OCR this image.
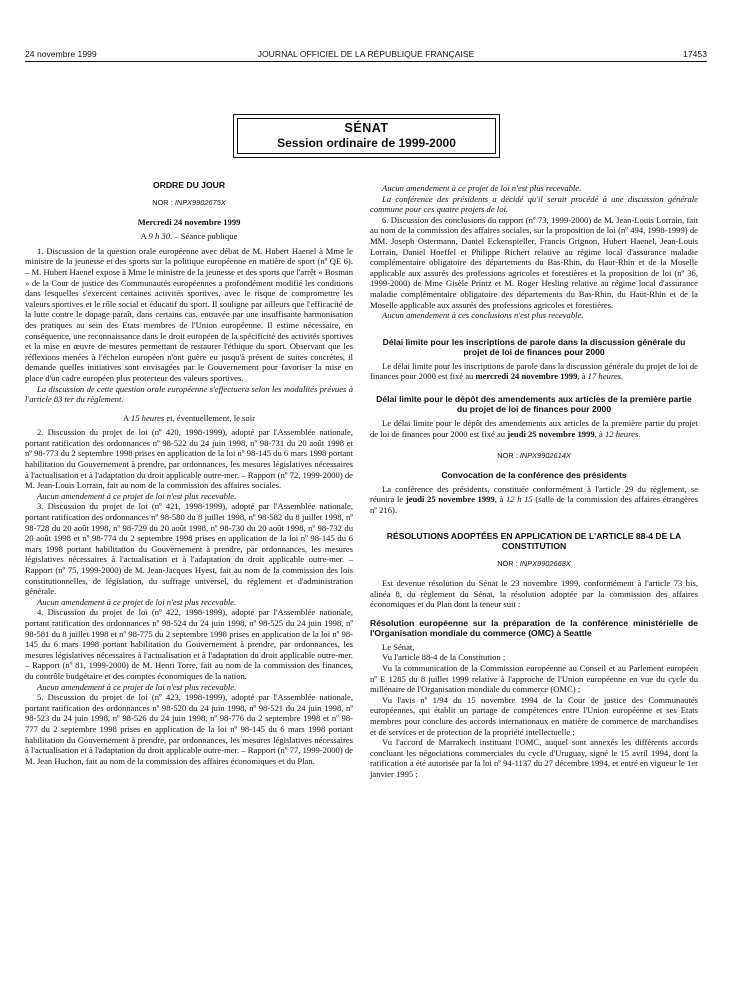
24 novembre 1999	JOURNAL OFFICIEL DE LA RÉPUBLIQUE FRANÇAISE	17453
SÉNAT
Session ordinaire de 1999-2000

ORDRE DU JOUR

NOR : INPX9902675X

Mercredi 24 novembre 1999

A 9 h 30. – Séance publique

1. Discussion de la question orale européenne avec débat de M. Hubert Haenel à Mme le ministre de la jeunesse et des sports sur la politique européenne en matière de sport (nº QE 6). – M. Hubert Haenel expose à Mme le ministre de la jeunesse et des sports que l'arrêt « Bosman » de la Cour de justice des Communautés européennes a profondément modifié les conditions dans lesquelles s'exercent certaines activités sportives, avec le risque de compromettre les valeurs sportives et le rôle social et éducatif du sport. Il souligne par ailleurs que l'efficacité de la lutte contre le dopage paraît, dans certains cas, entravée par une insuffisante harmonisation des pratiques au sein des Etats membres de l'Union européenne. Il estime nécessaire, en conséquence, une reconnaissance dans le droit européen de la spécificité des activités sportives et la mise en œuvre de mesures permettant de restaurer l'éthique du sport. Observant que les réflexions menées à l'échelon européen n'ont guère eu jusqu'à présent de suites concrètes, il demande quelles initiatives sont envisagées par le Gouvernement pour favoriser la mise en place d'un cadre européen plus protecteur des valeurs sportives.

La discussion de cette question orale européenne s'effectuera selon les modalités prévues à l'article 83 ter du règlement.

A 15 heures et, éventuellement, le soir

2. Discussion du projet de loi (nº 420, 1998-1999), adopté par l'Assemblée nationale, portant ratification des ordonnances nº 98-522 du 24 juin 1998, nº 98-731 du 20 août 1998 et nº 98-773 du 2 septembre 1998 prises en application de la loi nº 98-145 du 6 mars 1998 portant habilitation du Gouvernement à prendre, par ordonnances, les mesures législatives nécessaires à l'actualisation et à l'adaptation du droit applicable outre-mer. – Rapport (nº 72, 1999-2000) de M. Jean-Louis Lorrain, fait au nom de la commission des affaires sociales.

Aucun amendement à ce projet de loi n'est plus recevable.

3. Discussion du projet de loi (nº 421, 1998-1999), adopté par l'Assemblée nationale, portant ratification des ordonnances nº 98-580 du 8 juillet 1998, nº 98-582 du 8 juillet 1998, nº 98-728 du 20 août 1998, nº 98-729 du 20 août 1998, nº 98-730 du 20 août 1998, nº 98-732 du 20 août 1998 et nº 98-774 du 2 septembre 1998 prises en application de la loi nº 98-145 du 6 mars 1998 portant habilitation du Gouvernement à prendre, par ordonnances, les mesures législatives nécessaires à l'actualisation et à l'adaptation du droit applicable outre-mer. – Rapport (nº 75, 1999-2000) de M. Jean-Jacques Hyest, fait au nom de la commission des lois constitutionnelles, de législation, du suffrage universel, du règlement et d'administration générale.

Aucun amendement à ce projet de loi n'est plus recevable.

4. Discussion du projet de loi (nº 422, 1998-1999), adopté par l'Assemblée nationale, portant ratification des ordonnances nº 98-524 du 24 juin 1998, nº 98-525 du 24 juin 1998, nº 98-581 du 8 juillet 1998 et nº 98-775 du 2 septembre 1998 prises en application de la loi nº 98-145 du 6 mars 1998 portant habilitation du Gouvernement à prendre, par ordonnances, les mesures législatives nécessaires à l'actualisation et à l'adaptation du droit applicable outre-mer. – Rapport (nº 81, 1999-2000) de M. Henri Torre, fait au nom de la commission des finances, du contrôle budgétaire et des comptes économiques de la nation.

Aucun amendement à ce projet de loi n'est plus recevable.

5. Discussion du projet de loi (nº 423, 1998-1999), adopté par l'Assemblée nationale, portant ratification des ordonnances nº 98-520 du 24 juin 1998, nº 98-521 du 24 juin 1998, nº 98-523 du 24 juin 1998, nº 98-526 du 24 juin 1998, nº 98-776 du 2 septembre 1998 et nº 98-777 du 2 septembre 1998 prises en application de la loi nº 98-145 du 6 mars 1998 portant habilitation du Gouvernement à prendre, par ordonnances, les mesures législatives nécessaires à l'actualisation et à l'adaptation du droit applicable outre-mer. – Rapport (nº 77, 1999-2000) de M. Jean Huchon, fait au nom de la commission des affaires économiques et du Plan.

Aucun amendement à ce projet de loi n'est plus recevable.

La conférence des présidents a décidé qu'il serait procédé à une discussion générale commune pour ces quatre projets de loi.

6. Discussion des conclusions du rapport (nº 73, 1999-2000) de M. Jean-Louis Lorrain, fait au nom de la commission des affaires sociales, sur la proposition de loi (nº 494, 1998-1999) de MM. Joseph Ostermann, Daniel Eckenspieller, Francis Grignon, Hubert Haenel, Jean-Louis Lorrain, Daniel Hoeffel et Philippe Richert relative au régime local d'assurance maladie complémentaire obligatoire des départements du Bas-Rhin, du Haut-Rhin et de la Moselle applicable aux assurés des professions agricoles et forestières et la proposition de loi (nº 36, 1999-2000) de Mme Gisèle Printz et M. Roger Hesling relative au régime local d'assurance maladie complémentaire obligatoire des départements du Bas-Rhin, du Haut-Rhin et de la Moselle applicable aux assurés des professions agricoles et forestières.

Aucun amendement à ces conclusions n'est plus recevable.

Délai limite pour les inscriptions de parole dans la discussion générale du projet de loi de finances pour 2000

Le délai limite pour les inscriptions de parole dans la discussion générale du projet de loi de finances pour 2000 est fixé au mercredi 24 novembre 1999, à 17 heures.

Délai limite pour le dépôt des amendements aux articles de la première partie du projet de loi de finances pour 2000

Le délai limite pour le dépôt des amendements aux articles de la première partie du projet de loi de finances pour 2000 est fixé au jeudi 25 novembre 1999, à 12 heures.

NOR : INPX9902614X

Convocation de la conférence des présidents

La conférence des présidents, constituée conformément à l'article 29 du règlement, se réunira le jeudi 25 novembre 1999, à 12 h 15 (salle de la commission des affaires étrangères nº 216).

RÉSOLUTIONS ADOPTÉES EN APPLICATION DE L'ARTICLE 88-4 DE LA CONSTITUTION

NOR : INPX9902668X

Est devenue résolution du Sénat le 23 novembre 1999, conformément à l'article 73 bis, alinéa 8, du règlement du Sénat, la résolution adoptée par la commission des affaires économiques et du Plan dont la teneur suit :

Résolution européenne sur la préparation de la conférence ministérielle de l'Organisation mondiale du commerce (OMC) à Seattle

Le Sénat,

Vu l'article 88-4 de la Constitution ;

Vu la communication de la Commission européenne au Conseil et au Parlement européen nº E 1285 du 8 juillet 1999 relative à l'approche de l'Union européenne en vue du cycle du millénaire de l'Organisation mondiale du commerce (OMC) ;

Vu l'avis nº 1/94 du 15 novembre 1994 de la Cour de justice des Communautés européennes, qui établit un partage de compétences entre l'Union européenne et ses Etats membres pour conclure des accords internationaux en matière de commerce de marchandises et de services et de protection de la propriété intellectuelle ;

Vu l'accord de Marrakech instituant l'OMC, auquel sont annexés les différents accords concluant les négociations commerciales du cycle d'Uruguay, signé le 15 avril 1994, dont la ratification a été autorisée par la loi nº 94-1137 du 27 décembre 1994, et entré en vigueur le 1er janvier 1995 ;
